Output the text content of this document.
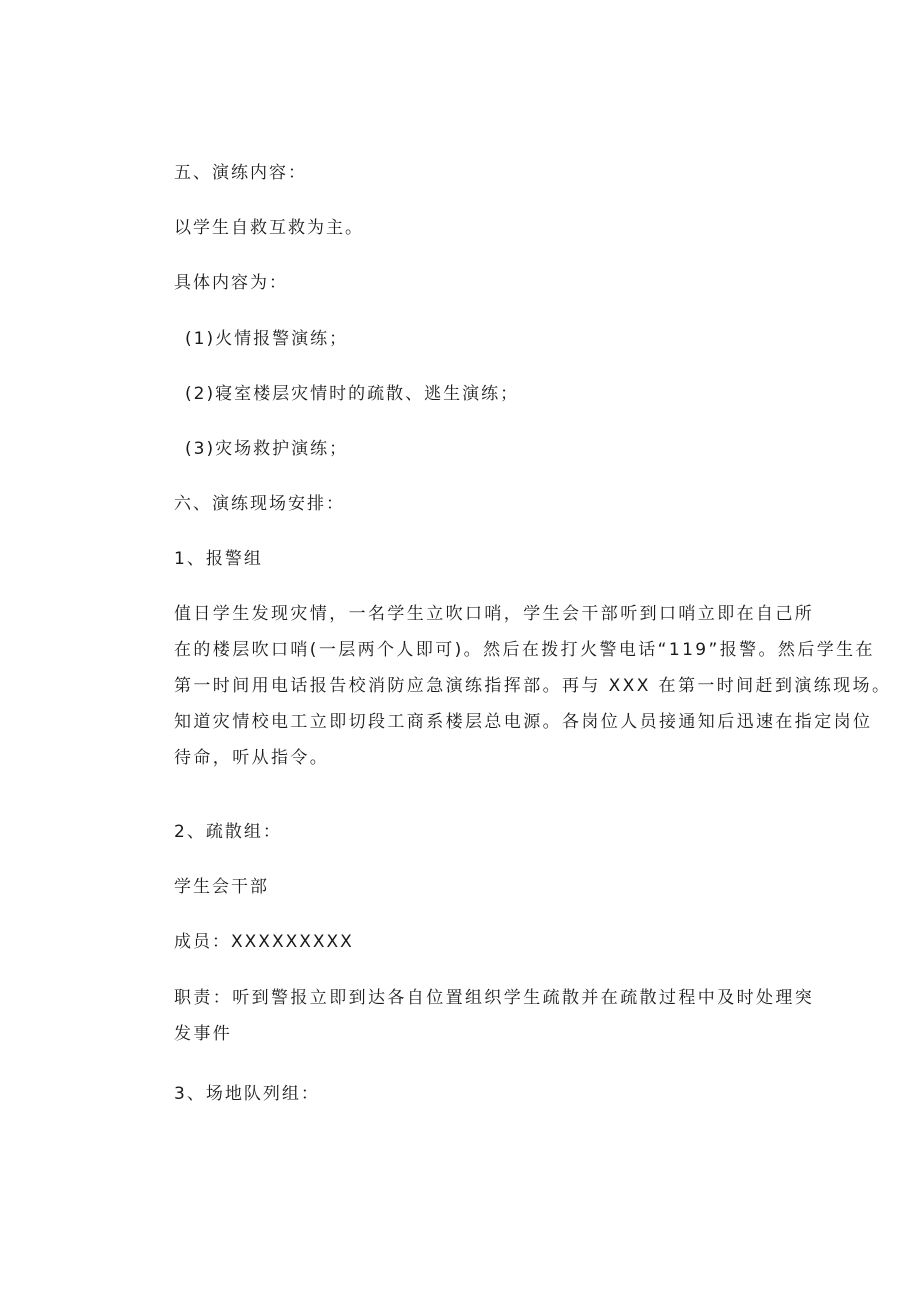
五、演练内容：
以学生自救互救为主。
具体内容为：
(1)火情报警演练；
(2)寝室楼层灾情时的疏散、逃生演练；
(3)灾场救护演练；
六、演练现场安排：
1、报警组
值日学生发现灾情，一名学生立吹口哨，学生会干部听到口哨立即在自己所
在的楼层吹口哨(一层两个人即可)。然后在拨打火警电话“119”报警。然后学生在
第一时间用电话报告校消防应急演练指挥部。再与 XXX 在第一时间赶到演练现场。
知道灾情校电工立即切段工商系楼层总电源。各岗位人员接通知后迅速在指定岗位
待命，听从指令。
2、疏散组：
学生会干部
成员：XXXXXXXXX
职责：听到警报立即到达各自位置组织学生疏散并在疏散过程中及时处理突
发事件
3、场地队列组：
